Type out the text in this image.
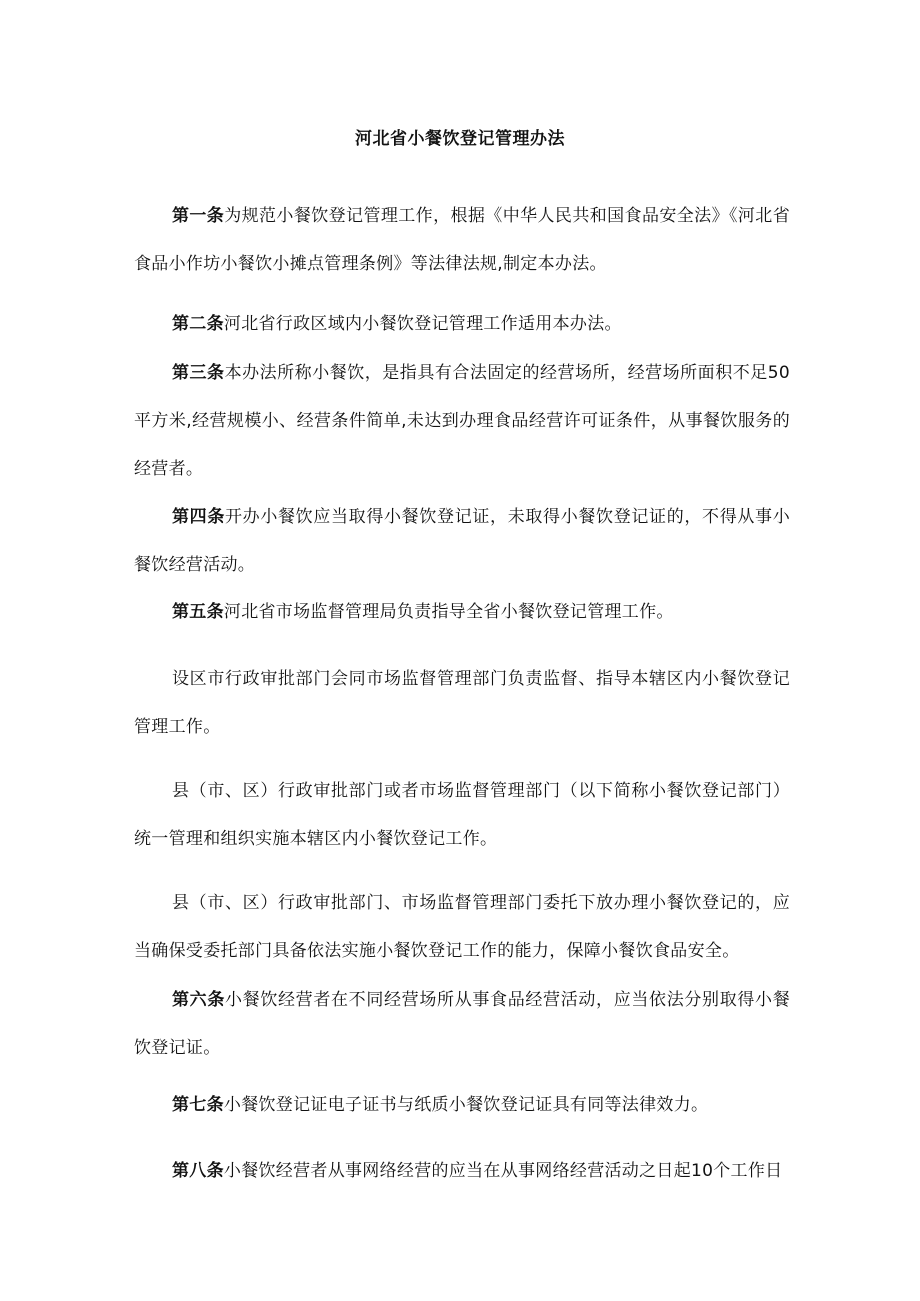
河北省小餐饮登记管理办法

第一条为规范小餐饮登记管理工作，根据《中华人民共和国食品安全法》《河北省食品小作坊小餐饮小摊点管理条例》等法律法规,制定本办法。

第二条河北省行政区域内小餐饮登记管理工作适用本办法。

第三条本办法所称小餐饮，是指具有合法固定的经营场所，经营场所面积不足50平方米,经营规模小、经营条件简单,未达到办理食品经营许可证条件，从事餐饮服务的经营者。

第四条开办小餐饮应当取得小餐饮登记证，未取得小餐饮登记证的，不得从事小餐饮经营活动。

第五条河北省市场监督管理局负责指导全省小餐饮登记管理工作。

设区市行政审批部门会同市场监督管理部门负责监督、指导本辖区内小餐饮登记管理工作。

县（市、区）行政审批部门或者市场监督管理部门（以下简称小餐饮登记部门）统一管理和组织实施本辖区内小餐饮登记工作。

县（市、区）行政审批部门、市场监督管理部门委托下放办理小餐饮登记的，应当确保受委托部门具备依法实施小餐饮登记工作的能力，保障小餐饮食品安全。

第六条小餐饮经营者在不同经营场所从事食品经营活动，应当依法分别取得小餐饮登记证。

第七条小餐饮登记证电子证书与纸质小餐饮登记证具有同等法律效力。

第八条小餐饮经营者从事网络经营的应当在从事网络经营活动之日起10个工作日
